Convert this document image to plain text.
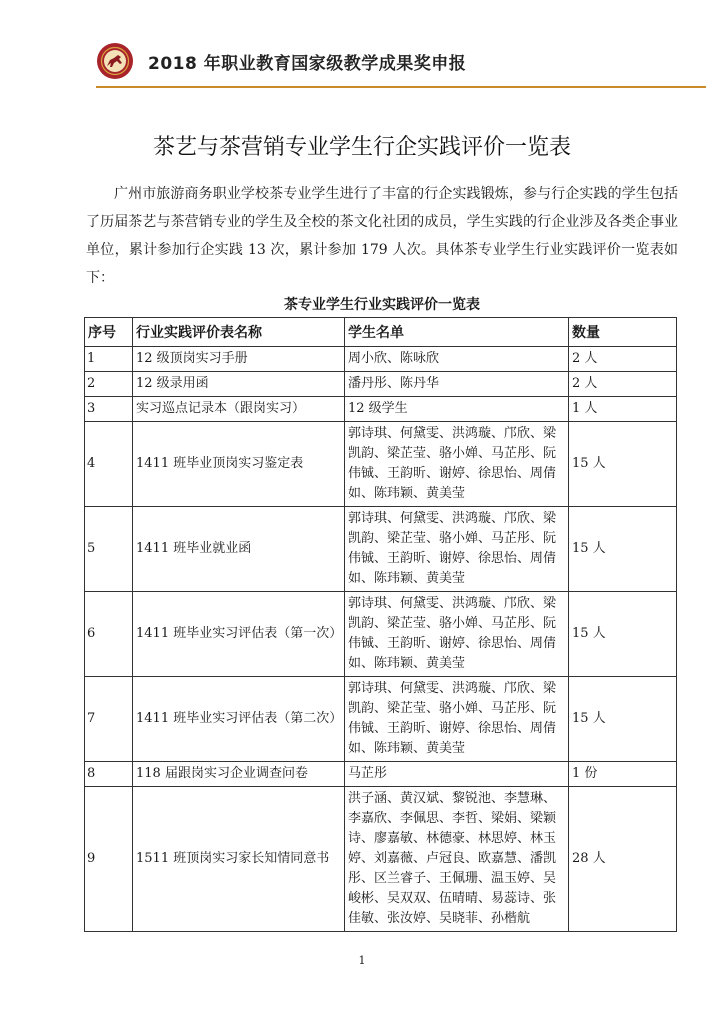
2018 年职业教育国家级教学成果奖申报
茶艺与茶营销专业学生行企实践评价一览表

广州市旅游商务职业学校茶专业学生进行了丰富的行企实践锻炼，参与行企实践的学生包括了历届茶艺与茶营销专业的学生及全校的茶文化社团的成员，学生实践的行企业涉及各类企事业单位，累计参加行企实践 13 次，累计参加 179 人次。具体茶专业学生行业实践评价一览表如下：

茶专业学生行业实践评价一览表
序号	行业实践评价表名称	学生名单	数量
1	12 级顶岗实习手册	周小欣、陈咏欣	2 人
2	12 级录用函	潘丹彤、陈丹华	2 人
3	实习巡点记录本（跟岗实习）	12 级学生	1 人
4	1411 班毕业顶岗实习鉴定表	郭诗琪、何黛雯、洪鸿璇、邝欣、梁凯韵、梁芷莹、骆小婵、马芷彤、阮伟铖、王韵昕、谢婷、徐思怡、周倩如、陈玮颖、黄美莹	15 人
5	1411 班毕业就业函	郭诗琪、何黛雯、洪鸿璇、邝欣、梁凯韵、梁芷莹、骆小婵、马芷彤、阮伟铖、王韵昕、谢婷、徐思怡、周倩如、陈玮颖、黄美莹	15 人
6	1411 班毕业实习评估表（第一次）	郭诗琪、何黛雯、洪鸿璇、邝欣、梁凯韵、梁芷莹、骆小婵、马芷彤、阮伟铖、王韵昕、谢婷、徐思怡、周倩如、陈玮颖、黄美莹	15 人
7	1411 班毕业实习评估表（第二次）	郭诗琪、何黛雯、洪鸿璇、邝欣、梁凯韵、梁芷莹、骆小婵、马芷彤、阮伟铖、王韵昕、谢婷、徐思怡、周倩如、陈玮颖、黄美莹	15 人
8	118 届跟岗实习企业调查问卷	马芷彤	1 份
9	1511 班顶岗实习家长知情同意书	洪子涵、黄汉斌、黎锐池、李慧琳、李嘉欣、李佩思、李哲、梁娟、梁颖诗、廖嘉敏、林德豪、林思婷、林玉婷、刘嘉薇、卢冠良、欧嘉慧、潘凯彤、区兰睿子、王佩珊、温玉婷、吴峻彬、吴双双、伍晴晴、易蕊诗、张佳敏、张汝婷、吴晓菲、孙楷航	28 人
1
